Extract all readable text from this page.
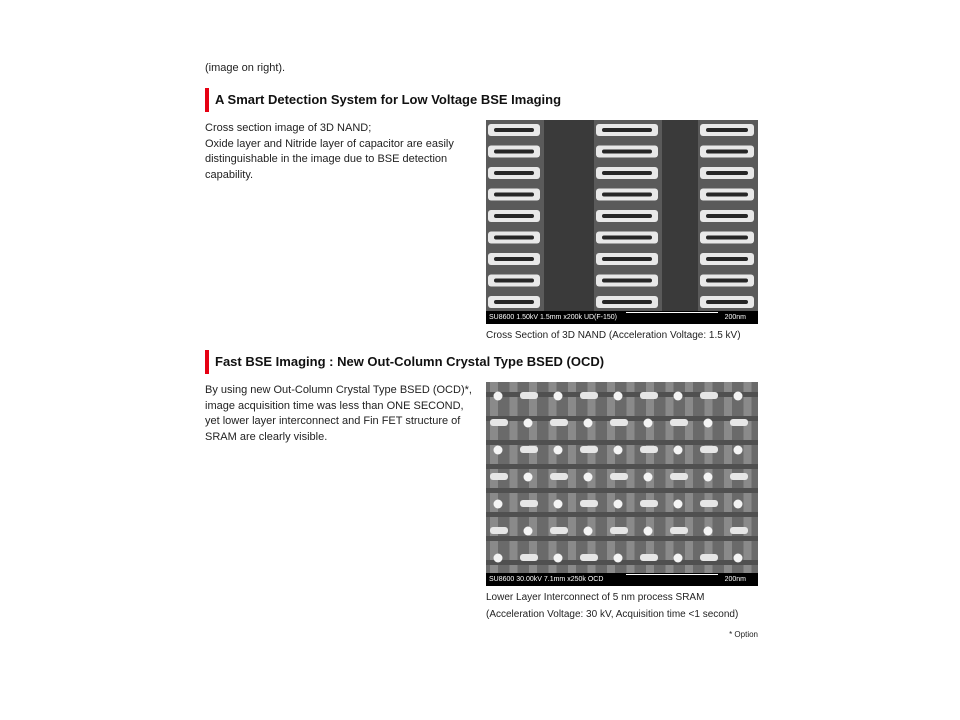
(image on right).
A Smart Detection System for Low Voltage BSE Imaging

Cross section image of 3D NAND;

Oxide layer and Nitride layer of capacitor are easily distinguishable in the image due to BSE detection capability.

SU8600 1.50kV 1.5mm x200k UD(F-150)	200nm
Cross Section of 3D NAND (Acceleration Voltage: 1.5 kV)
Fast BSE Imaging : New Out-Column Crystal Type BSED (OCD)

By using new Out-Column Crystal Type BSED (OCD)*, image acquisition time was less than ONE SECOND, yet lower layer interconnect and Fin FET structure of SRAM are clearly visible.

SU8600 30.00kV 7.1mm x250k OCD	200nm
Lower Layer Interconnect of 5 nm process SRAM
(Acceleration Voltage: 30 kV, Acquisition time <1 second)
* Option
